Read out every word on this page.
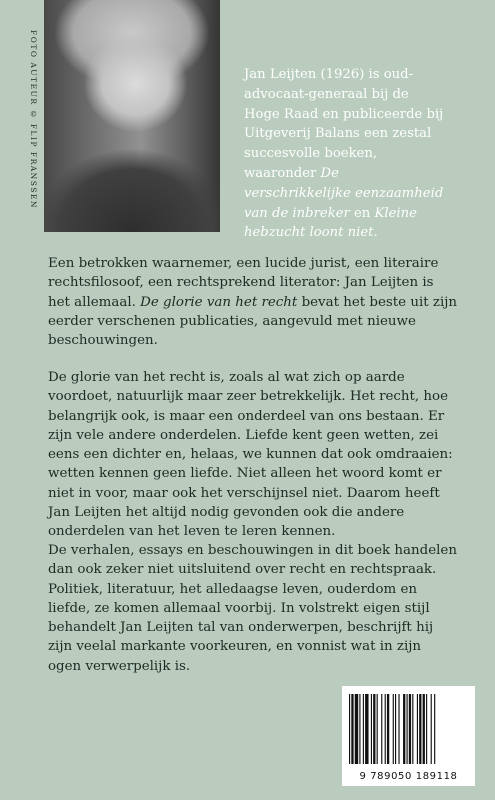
FOTO AUTEUR © FLIP FRANSSEN	Jan Leijten (1926) is oud-advocaat-generaal bij de Hoge Raad en publiceerde bij Uitgeverij Balans een zestal succesvolle boeken, waaronder De verschrikkelijke eenzaamheid van de inbreker en Kleine hebzucht loont niet.

Een betrokken waarnemer, een lucide jurist, een literaire rechtsfilosoof, een rechtsprekend literator: Jan Leijten is het allemaal. De glorie van het recht bevat het beste uit zijn eerder verschenen publicaties, aangevuld met nieuwe beschouwingen.

De glorie van het recht is, zoals al wat zich op aarde voordoet, natuurlijk maar zeer betrekkelijk. Het recht, hoe belangrijk ook, is maar een onderdeel van ons bestaan. Er zijn vele andere onderdelen. Liefde kent geen wetten, zei eens een dichter en, helaas, we kunnen dat ook omdraaien: wetten kennen geen liefde. Niet alleen het woord komt er niet in voor, maar ook het verschijnsel niet. Daarom heeft Jan Leijten het altijd nodig gevonden ook die andere onderdelen van het leven te leren kennen.

De verhalen, essays en beschouwingen in dit boek handelen dan ook zeker niet uitsluitend over recht en rechtspraak. Politiek, literatuur, het alledaagse leven, ouderdom en liefde, ze komen allemaal voorbij. In volstrekt eigen stijl behandelt Jan Leijten tal van onderwerpen, beschrijft hij zijn veelal markante voorkeuren, en vonnist wat in zijn ogen verwerpelijk is.

9 789050 189118
